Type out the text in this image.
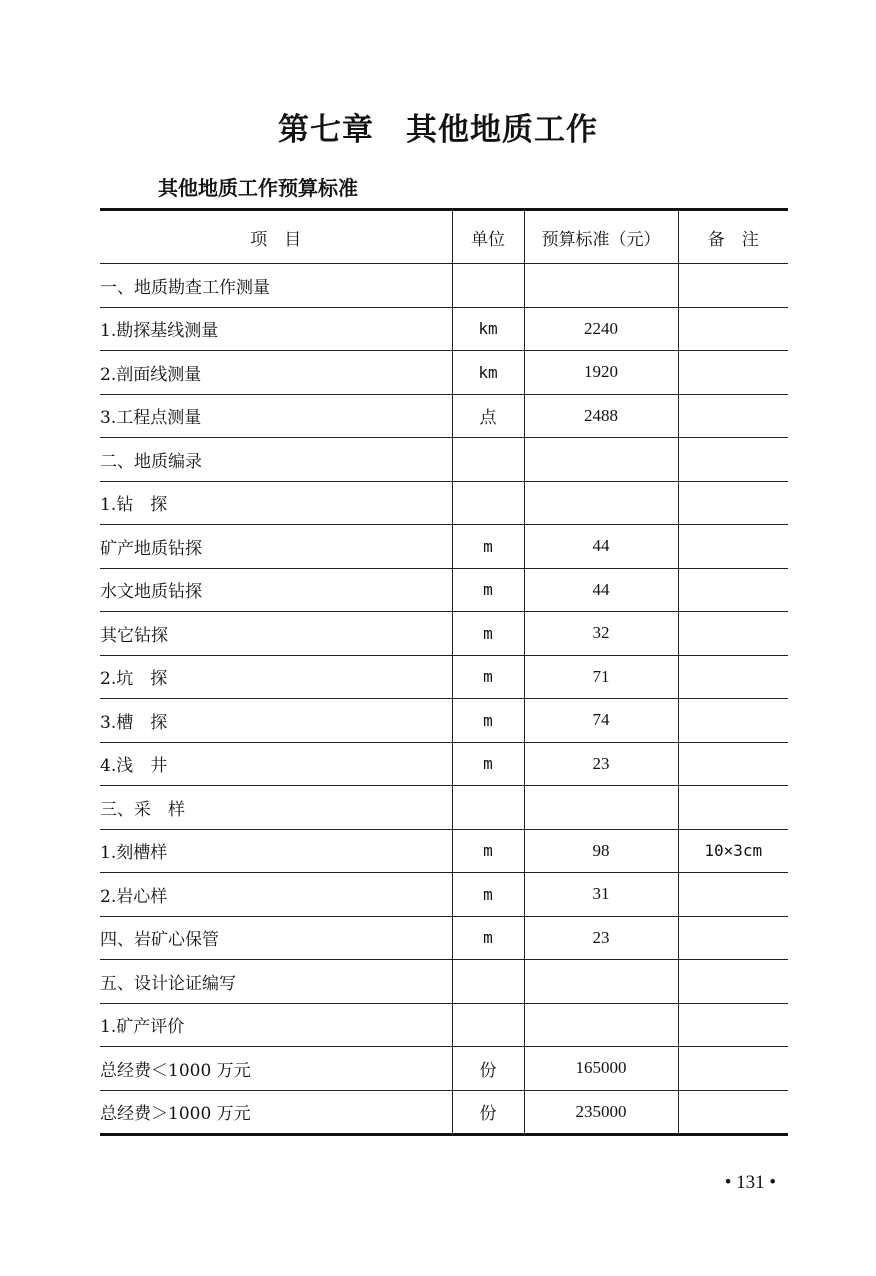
第七章　其他地质工作
其他地质工作预算标准
项　目	单位	预算标准（元）	备　注
一、地质勘查工作测量			
1.勘探基线测量	km	2240	
2.剖面线测量	km	1920	
3.工程点测量	点	2488	
二、地质编录			
1.钻　探			
矿产地质钻探	m	44	
水文地质钻探	m	44	
其它钻探	m	32	
2.坑　探	m	71	
3.槽　探	m	74	
4.浅　井	m	23	
三、采　样			
1.刻槽样	m	98	10×3cm
2.岩心样	m	31	
四、岩矿心保管	m	23	
五、设计论证编写			
1.矿产评价			
总经费＜1000 万元	份	165000	
总经费＞1000 万元	份	235000	

• 131 •
